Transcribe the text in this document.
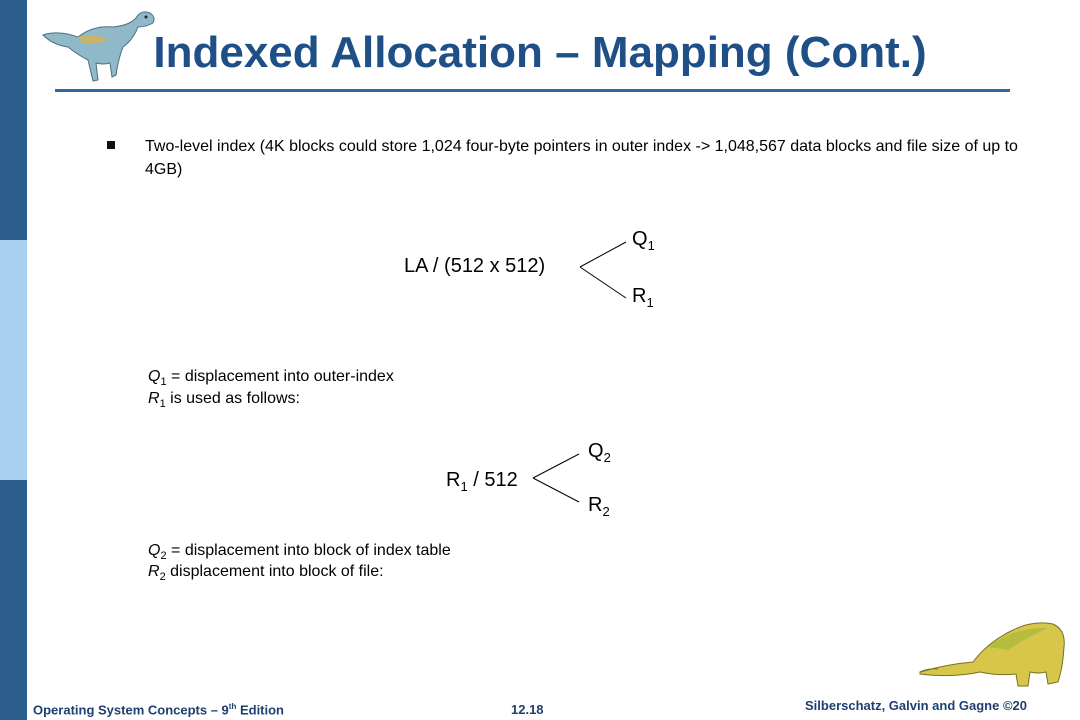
Indexed Allocation – Mapping (Cont.)
Two-level index (4K blocks could store 1,024 four-byte pointers in outer index -> 1,048,567 data blocks and file size of up to 4GB)
LA / (512 x 512)
$Q_1$
$R_1$
$Q_1$ = displacement into outer-index
$R_1$ is used as follows:
$R_1 / 512$
$Q_2$
$R_2$
$Q_2$ = displacement into block of index table
$R_2$ displacement into block of file:
Operating System Concepts – 9th Edition	12.18	Silberschatz, Galvin and Gagne ©20
